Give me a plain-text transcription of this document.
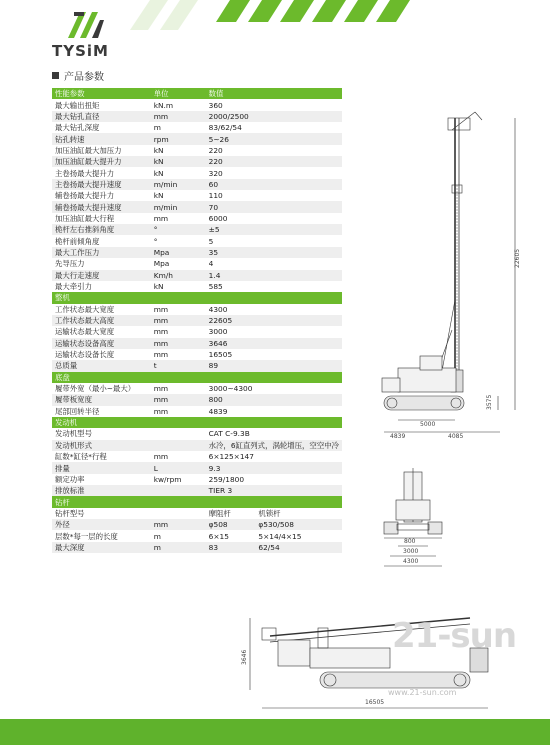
TYSiM
产品参数
性能参数	单位	数值	
最大输出扭矩	kN.m	360	
最大钻孔直径	mm	2000/2500	
最大钻孔深度	m	83/62/54	
钻孔转速	rpm	5~26	
加压油缸最大加压力	kN	220	
加压油缸最大提升力	kN	220	
主卷扬最大提升力	kN	320	
主卷扬最大提升速度	m/min	60	
辅卷扬最大提升力	kN	110	
辅卷扬最大提升速度	m/min	70	
加压油缸最大行程	mm	6000	
桅杆左右推斜角度	°	±5	
桅杆前倾角度	°	5	
最大工作压力	Mpa	35	
先导压力	Mpa	4	
最大行走速度	Km/h	1.4	
最大牵引力	kN	585	
整机			
工作状态最大宽度	mm	4300	
工作状态最大高度	mm	22605	
运输状态最大宽度	mm	3000	
运输状态设备高度	mm	3646	
运输状态设备长度	mm	16505	
总质量	t	89	
底盘			
履带外宽（最小~最大）	mm	3000~4300	
履带板宽度	mm	800	
尾部回转半径	mm	4839	
发动机			
发动机型号		CAT C-9.3B	
发动机形式		水冷，6缸直列式，涡轮增压，空空中冷	
缸数*缸径*行程	mm	6×125×147	
排量	L	9.3	
额定功率	kw/rpm	259/1800	
排放标准		TIER 3	
钻杆			
钻杆型号		摩阻杆	机锁杆
外径	mm	φ508	φ530/508
层数*每一层的长度	m	6×15	5×14/4×15
最大深度	m	83	62/54
22605
3575
5000
4839	4085
800
3000
4300
3646
16505
21-sun
www.21-sun.com
